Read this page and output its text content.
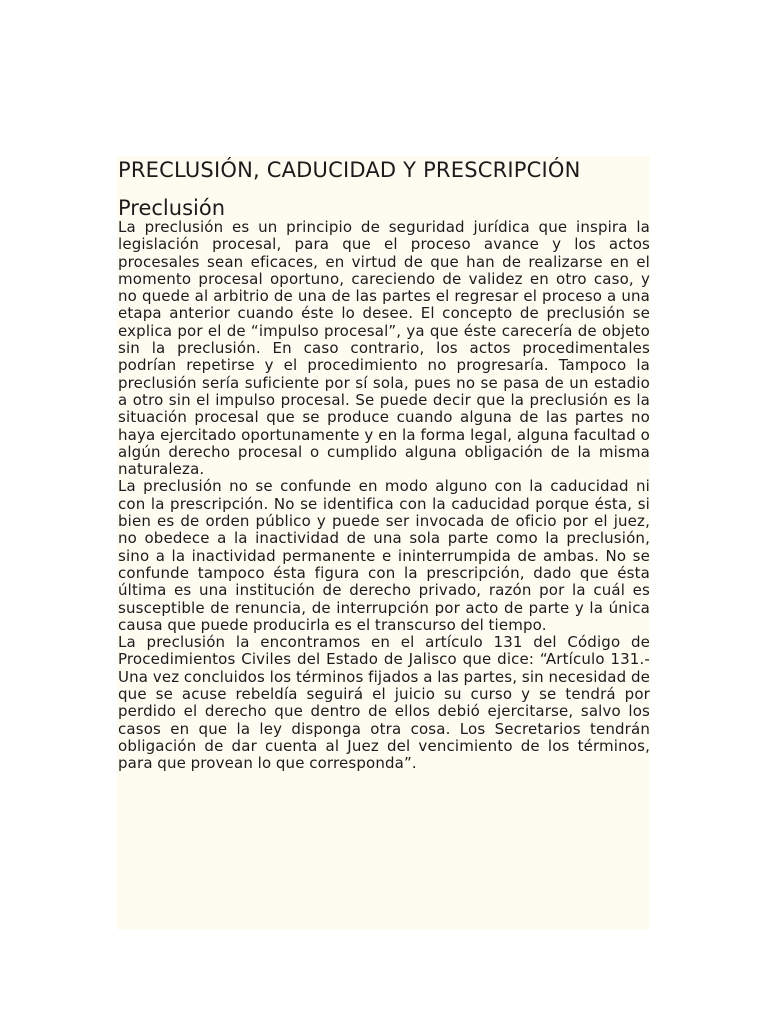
PRECLUSIÓN, CADUCIDAD Y PRESCRIPCIÓN
Preclusión

La preclusión es un principio de seguridad jurídica que inspira la legislación procesal, para que el proceso avance y los actos procesales sean eficaces, en virtud de que han de realizarse en el momento procesal oportuno, careciendo de validez en otro caso, y no quede al arbitrio de una de las partes el regresar el proceso a una etapa anterior cuando éste lo desee. El concepto de preclusión se explica por el de “impulso procesal”, ya que éste carecería de objeto sin la preclusión. En caso contrario, los actos procedimentales podrían repetirse y el procedimiento no progresaría. Tampoco la preclusión sería suficiente por sí sola, pues no se pasa de un estadio a otro sin el impulso procesal. Se puede decir que la preclusión es la situación procesal que se produce cuando alguna de las partes no haya ejercitado oportunamente y en la forma legal, alguna facultad o algún derecho procesal o cumplido alguna obligación de la misma naturaleza.

La preclusión no se confunde en modo alguno con la caducidad ni con la prescripción. No se identifica con la caducidad porque ésta, si bien es de orden público y puede ser invocada de oficio por el juez, no obedece a la inactividad de una sola parte como la preclusión, sino a la inactividad permanente e ininterrumpida de ambas. No se confunde tampoco ésta figura con la prescripción, dado que ésta última es una institución de derecho privado, razón por la cuál es susceptible de renuncia, de interrupción por acto de parte y la única causa que puede producirla es el transcurso del tiempo.

La preclusión la encontramos en el artículo 131 del Código de Procedimientos Civiles del Estado de Jalisco que dice: “Artículo 131.- Una vez concluidos los términos fijados a las partes, sin necesidad de que se acuse rebeldía seguirá el juicio su curso y se tendrá por perdido el derecho que dentro de ellos debió ejercitarse, salvo los casos en que la ley disponga otra cosa. Los Secretarios tendrán obligación de dar cuenta al Juez del vencimiento de los términos, para que provean lo que corresponda”.
